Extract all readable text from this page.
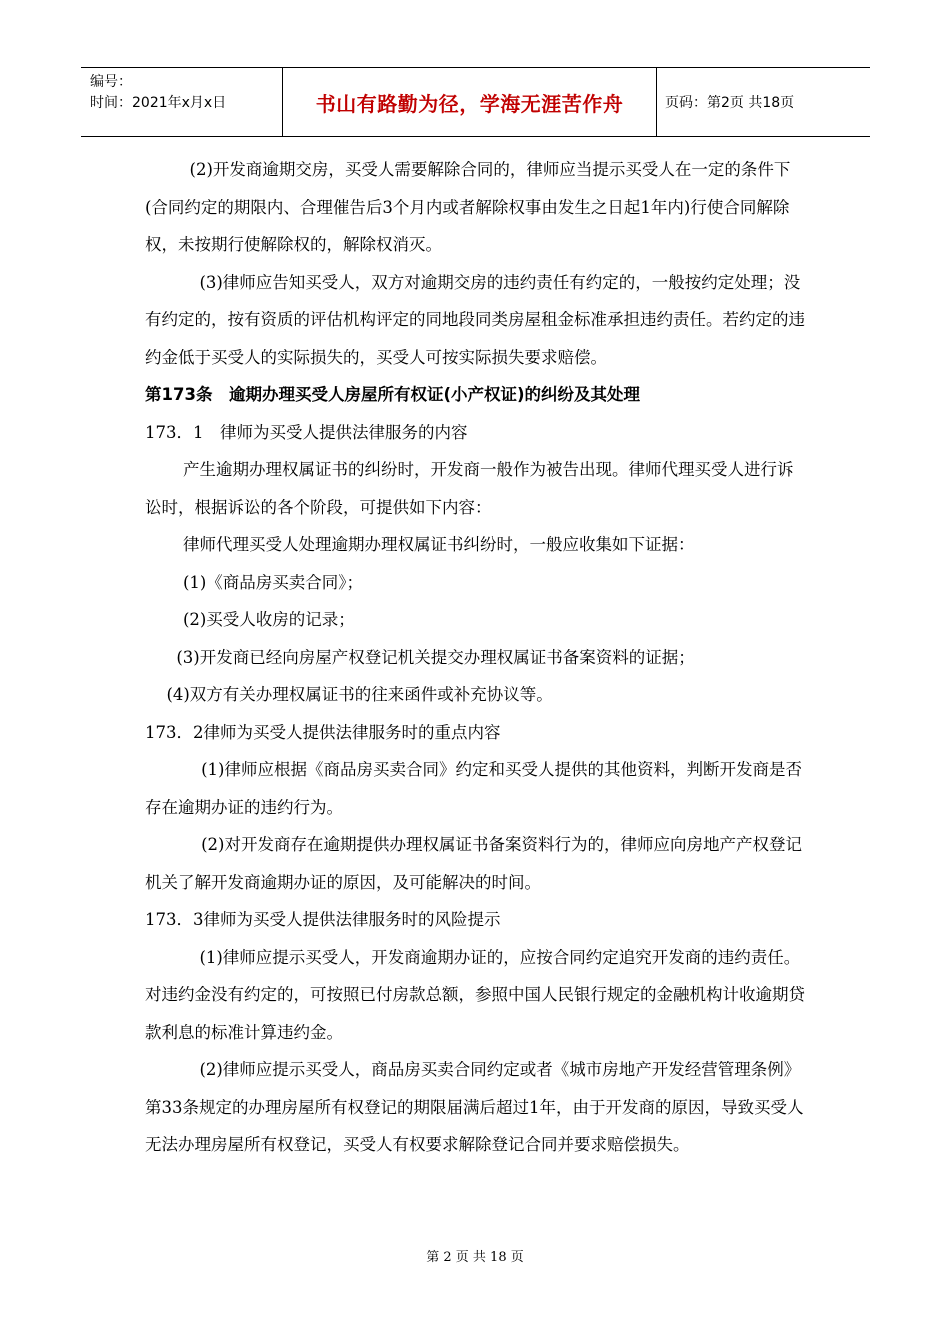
编号：
时间：2021年x月x日	书山有路勤为径，学海无涯苦作舟	页码：第2页 共18页

(2)开发商逾期交房，买受人需要解除合同的，律师应当提示买受人在一定的条件下(合同约定的期限内、合理催告后3个月内或者解除权事由发生之日起1年内)行使合同解除权，未按期行使解除权的，解除权消灭。

(3)律师应告知买受人，双方对逾期交房的违约责任有约定的，一般按约定处理；没有约定的，按有资质的评估机构评定的同地段同类房屋租金标准承担违约责任。若约定的违约金低于买受人的实际损失的，买受人可按实际损失要求赔偿。

第173条　逾期办理买受人房屋所有权证(小产权证)的纠纷及其处理

173．1　律师为买受人提供法律服务的内容

产生逾期办理权属证书的纠纷时，开发商一般作为被告出现。律师代理买受人进行诉讼时，根据诉讼的各个阶段，可提供如下内容：

律师代理买受人处理逾期办理权属证书纠纷时，一般应收集如下证据：

(1)《商品房买卖合同》；

(2)买受人收房的记录；

(3)开发商已经向房屋产权登记机关提交办理权属证书备案资料的证据；

(4)双方有关办理权属证书的往来函件或补充协议等。

173．2律师为买受人提供法律服务时的重点内容

(1)律师应根据《商品房买卖合同》约定和买受人提供的其他资料，判断开发商是否存在逾期办证的违约行为。

(2)对开发商存在逾期提供办理权属证书备案资料行为的，律师应向房地产产权登记机关了解开发商逾期办证的原因，及可能解决的时间。

173．3律师为买受人提供法律服务时的风险提示

(1)律师应提示买受人，开发商逾期办证的，应按合同约定追究开发商的违约责任。对违约金没有约定的，可按照已付房款总额，参照中国人民银行规定的金融机构计收逾期贷款利息的标准计算违约金。

(2)律师应提示买受人，商品房买卖合同约定或者《城市房地产开发经营管理条例》第33条规定的办理房屋所有权登记的期限届满后超过1年，由于开发商的原因，导致买受人无法办理房屋所有权登记，买受人有权要求解除登记合同并要求赔偿损失。

第 2 页 共 18 页
